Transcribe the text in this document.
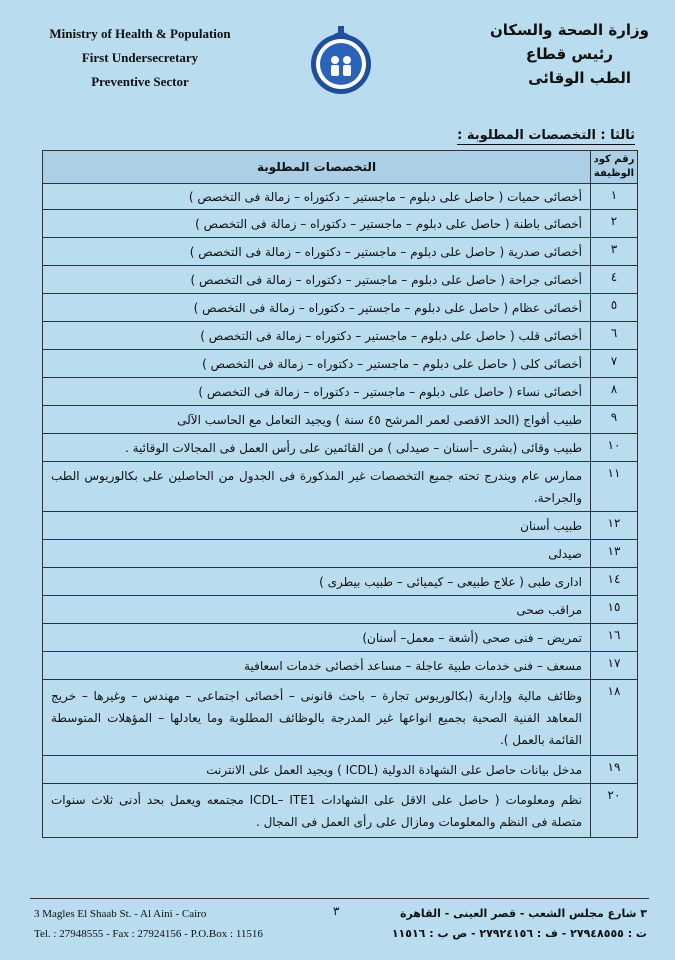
Ministry of Health & Population
First Undersecretary
Preventive Sector
وزارة الصحة والسكان
رئيس قطاع
الطب الوقائى
ثالثا : التخصصات المطلوبة :
رقم كود الوظيفة	التخصصات المطلوبة
١	أخصائى حميات ( حاصل على دبلوم – ماجستير – دكتوراه – زمالة فى التخصص )
٢	أخصائى باطنة ( حاصل على دبلوم – ماجستير – دكتوراه – زمالة فى التخصص )
٣	أخصائى صدرية ( حاصل على دبلوم – ماجستير – دكتوراه – زمالة فى التخصص )
٤	أخصائى جراحة ( حاصل على دبلوم – ماجستير – دكتوراه – زمالة فى التخصص )
٥	أخصائى عظام ( حاصل على دبلوم – ماجستير – دكتوراه – زمالة فى التخصص )
٦	أخصائى قلب ( حاصل على دبلوم – ماجستير – دكتوراه – زمالة فى التخصص )
٧	أخصائى كلى ( حاصل على دبلوم – ماجستير – دكتوراه – زمالة فى التخصص )
٨	أخصائى نساء ( حاصل على دبلوم – ماجستير – دكتوراه – زمالة فى التخصص )
٩	طبيب أفواج (الحد الاقصى لعمر المرشح ٤٥ سنة ) ويجيد التعامل مع الحاسب الآلى
١٠	طبيب وقائى (بشرى –أسنان – صيدلى ) من القائمين على رأس العمل فى المجالات الوقائية .
١١	ممارس عام ويندرج تحته جميع التخصصات غير المذكورة فى الجدول من الحاصلين على بكالوريوس الطب والجراحة.
١٢	طبيب أسنان
١٣	صيدلى
١٤	ادارى طبى ( علاج طبيعى – كيميائى – طبيب بيطرى )
١٥	مراقب صحى
١٦	تمريض – فنى صحى (أشعة – معمل– أسنان)
١٧	مسعف – فنى خدمات طبية عاجلة – مساعد أخصائى خدمات اسعافية
١٨	وظائف مالية وإدارية (بكالوريوس تجارة – باحث قانونى – أخصائى اجتماعى – مهندس – وغيرها – خريج المعاهد الفنية الصحية بجميع انواعها غير المدرجة بالوظائف المطلوبة وما يعادلها – المؤهلات المتوسطة القائمة بالعمل ).
١٩	مدخل بيانات حاصل على الشهادة الدولية (ICDL ) ويجيد العمل على الانترنت
٢٠	نظم ومعلومات ( حاصل على الاقل على الشهادات ICDL– ITE1 مجتمعه ويعمل بحد أدنى ثلاث سنوات متصلة فى النظم والمعلومات ومازال على رأى العمل فى المجال .
3 Magles El Shaab St. - Al Aini - Cairo
Tel. : 27948555 - Fax : 27924156 - P.O.Box : 11516
٣	٣ شارع مجلس الشعب - قصر العينى - القاهرة
ت : ٢٧٩٤٨٥٥٥ - ف : ٢٧٩٢٤١٥٦ - ص ب : ١١٥١٦
